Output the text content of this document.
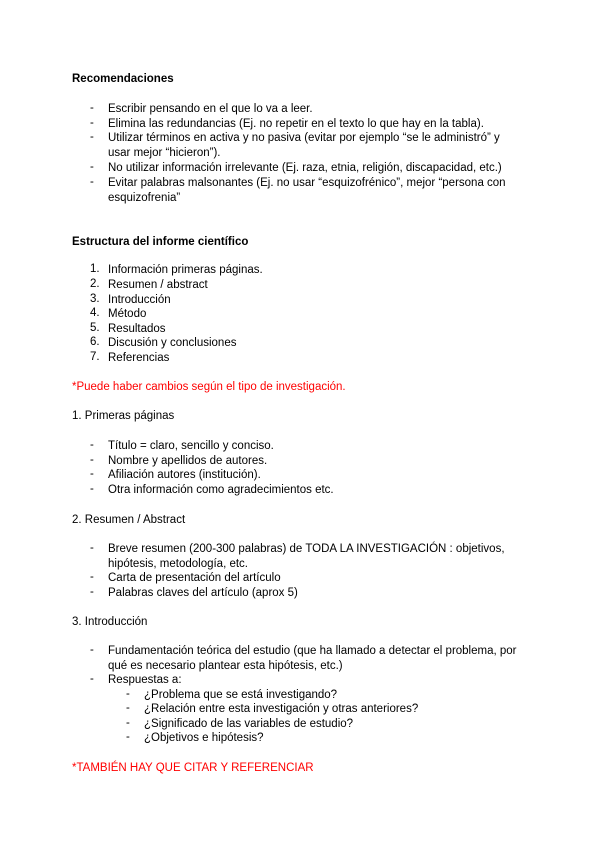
Recomendaciones

-	Escribir pensando en el que lo va a leer.
-	Elimina las redundancias (Ej. no repetir en el texto lo que hay en la tabla).
-	Utilizar términos en activa y no pasiva (evitar por ejemplo “se le administró” y usar mejor “hicieron”).
-	No utilizar información irrelevante (Ej. raza, etnia, religión, discapacidad, etc.)
-	Evitar palabras malsonantes (Ej. no usar “esquizofrénico”, mejor “persona con esquizofrenia”

Estructura del informe científico

1. Información primeras páginas.
2. Resumen / abstract
3. Introducción
4. Método
5. Resultados
6. Discusión y conclusiones
7. Referencias

*Puede haber cambios según el tipo de investigación.

1. Primeras páginas

-	Título = claro, sencillo y conciso.
-	Nombre y apellidos de autores.
-	Afiliación autores (institución).
-	Otra información como agradecimientos etc.

2. Resumen / Abstract

-	Breve resumen (200-300 palabras) de TODA LA INVESTIGACIÓN : objetivos, hipótesis, metodología, etc.
-	Carta de presentación del artículo
-	Palabras claves del artículo (aprox 5)

3. Introducción

-	Fundamentación teórica del estudio (que ha llamado a detectar el problema, por qué es necesario plantear esta hipótesis, etc.)
-	Respuestas a:
-	¿Problema que se está investigando?
-	¿Relación entre esta investigación y otras anteriores?
-	¿Significado de las variables de estudio?
-	¿Objetivos e hipótesis?

*TAMBIÉN HAY QUE CITAR Y REFERENCIAR
